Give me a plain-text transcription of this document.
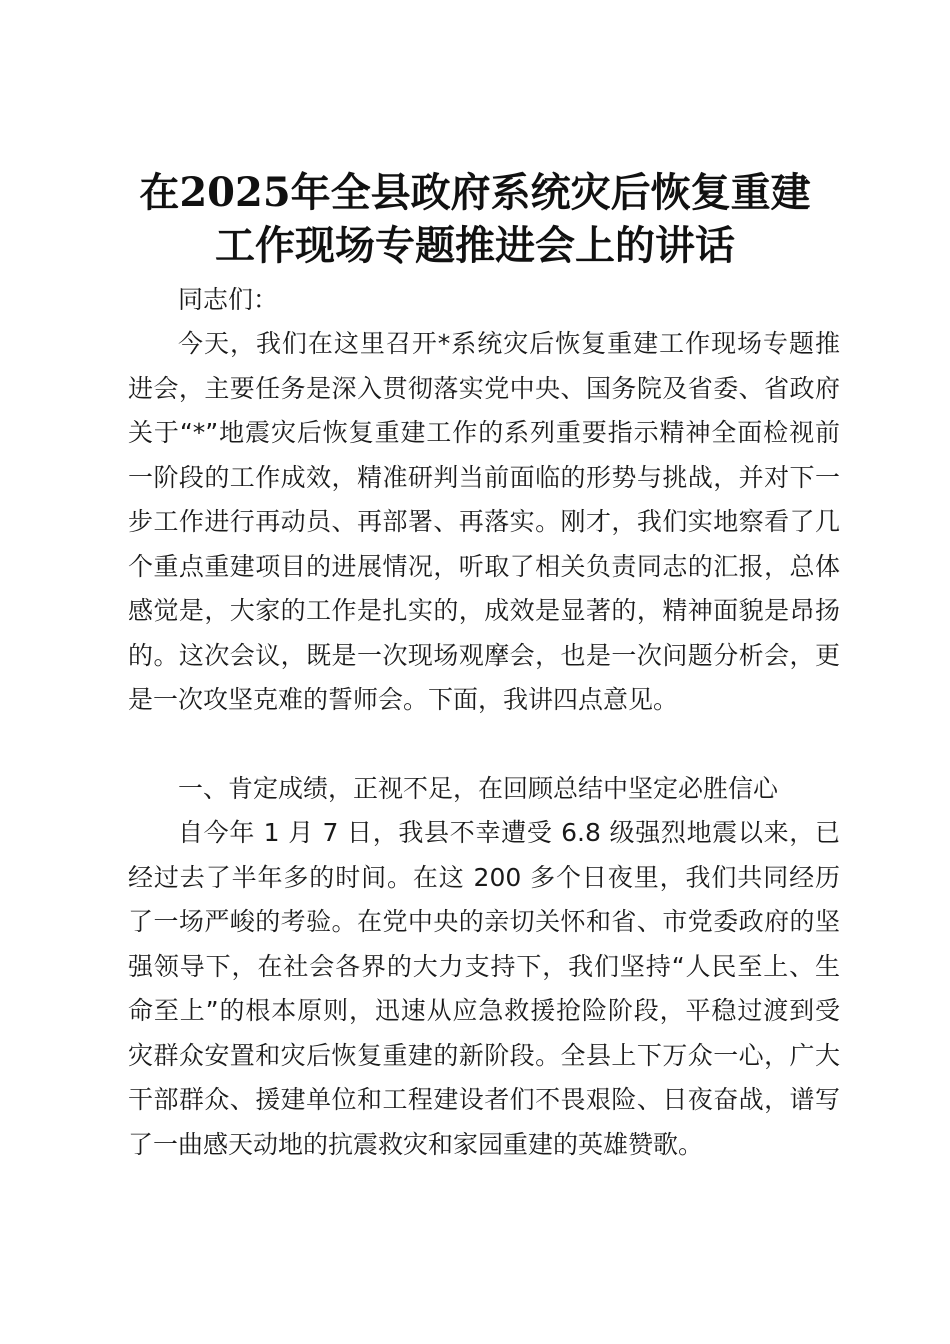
在2025年全县政府系统灾后恢复重建
工作现场专题推进会上的讲话

同志们：

今天，我们在这里召开*系统灾后恢复重建工作现场专题推进会，主要任务是深入贯彻落实党中央、国务院及省委、省政府关于“*”地震灾后恢复重建工作的系列重要指示精神全面检视前一阶段的工作成效，精准研判当前面临的形势与挑战，并对下一步工作进行再动员、再部署、再落实。刚才，我们实地察看了几个重点重建项目的进展情况，听取了相关负责同志的汇报，总体感觉是，大家的工作是扎实的，成效是显著的，精神面貌是昂扬的。这次会议，既是一次现场观摩会，也是一次问题分析会，更是一次攻坚克难的誓师会。下面，我讲四点意见。

一、肯定成绩，正视不足，在回顾总结中坚定必胜信心

自今年 1 月 7 日，我县不幸遭受 6.8 级强烈地震以来，已经过去了半年多的时间。在这 200 多个日夜里，我们共同经历了一场严峻的考验。在党中央的亲切关怀和省、市党委政府的坚强领导下，在社会各界的大力支持下，我们坚持“人民至上、生命至上”的根本原则，迅速从应急救援抢险阶段，平稳过渡到受灾群众安置和灾后恢复重建的新阶段。全县上下万众一心，广大干部群众、援建单位和工程建设者们不畏艰险、日夜奋战，谱写了一曲感天动地的抗震救灾和家园重建的英雄赞歌。
